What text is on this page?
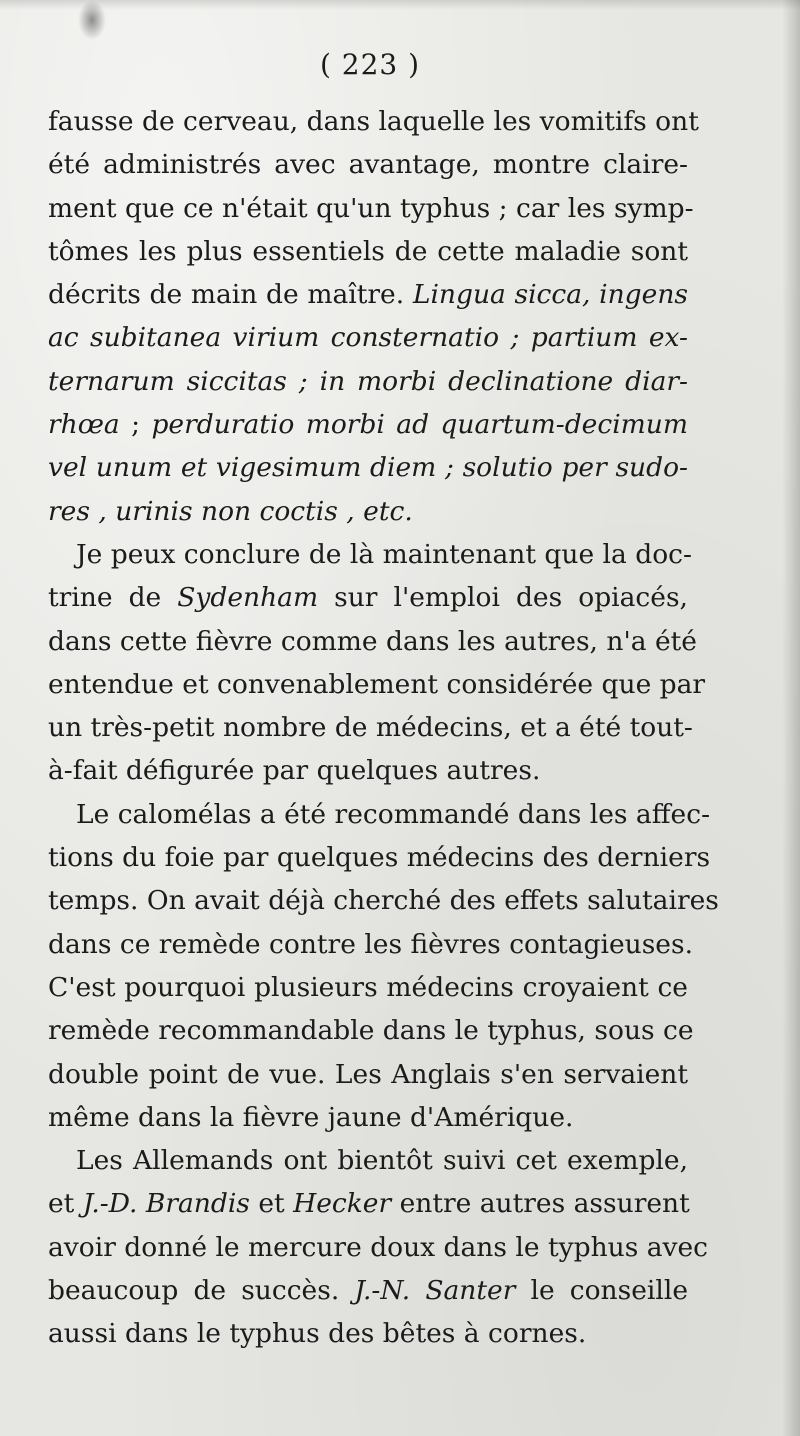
( 223 )
fausse de cerveau, dans laquelle les vomitifs ont
été administrés avec avantage, montre claire-
ment que ce n'était qu'un typhus ; car les symp-
tômes les plus essentiels de cette maladie sont
décrits de main de maître. Lingua sicca, ingens
ac subitanea virium consternatio ; partium ex-
ternarum siccitas ; in morbi declinatione diar-
rhœa ; perduratio morbi ad quartum-decimum
vel unum et vigesimum diem ; solutio per sudo-
res , urinis non coctis , etc.
Je peux conclure de là maintenant que la doc-
trine de Sydenham sur l'emploi des opiacés,
dans cette fièvre comme dans les autres, n'a été
entendue et convenablement considérée que par
un très-petit nombre de médecins, et a été tout-
à-fait défigurée par quelques autres.
Le calomélas a été recommandé dans les affec-
tions du foie par quelques médecins des derniers
temps. On avait déjà cherché des effets salutaires
dans ce remède contre les fièvres contagieuses.
C'est pourquoi plusieurs médecins croyaient ce
remède recommandable dans le typhus, sous ce
double point de vue. Les Anglais s'en servaient
même dans la fièvre jaune d'Amérique.
Les Allemands ont bientôt suivi cet exemple,
et J.-D. Brandis et Hecker entre autres assurent
avoir donné le mercure doux dans le typhus avec
beaucoup de succès. J.-N. Santer le conseille
aussi dans le typhus des bêtes à cornes.
